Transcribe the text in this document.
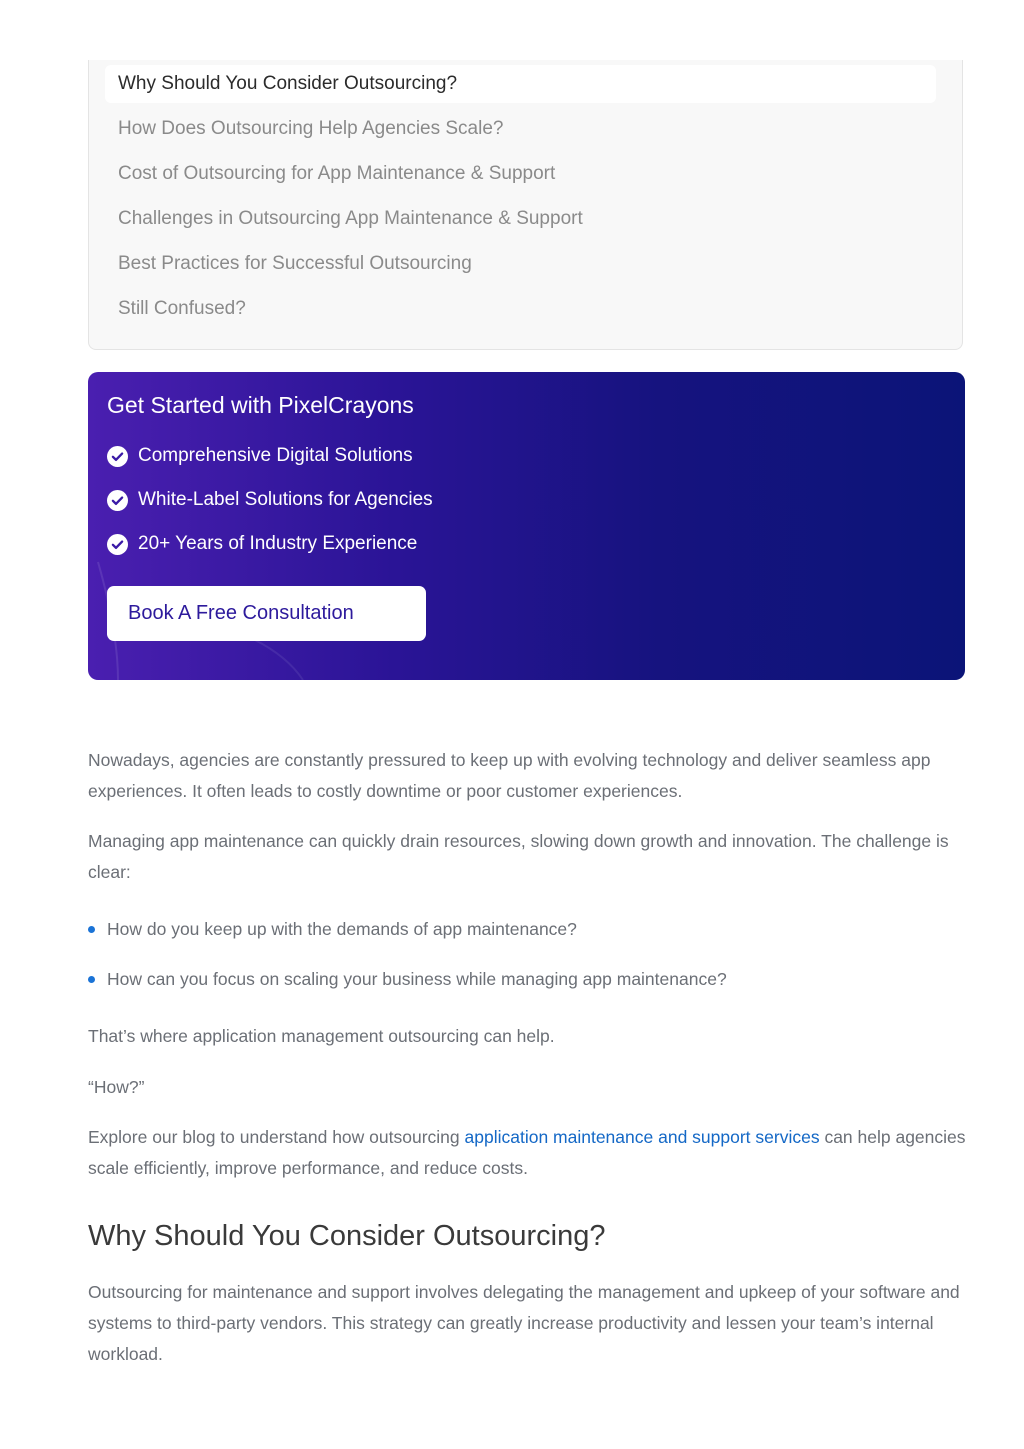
Why Should You Consider Outsourcing?
How Does Outsourcing Help Agencies Scale?
Cost of Outsourcing for App Maintenance & Support
Challenges in Outsourcing App Maintenance & Support
Best Practices for Successful Outsourcing
Still Confused?
Get Started with PixelCrayons
Comprehensive Digital Solutions
White-Label Solutions for Agencies
20+ Years of Industry Experience
Book A Free Consultation

Nowadays, agencies are constantly pressured to keep up with evolving technology and deliver seamless app experiences. It often leads to costly downtime or poor customer experiences.

Managing app maintenance can quickly drain resources, slowing down growth and innovation. The challenge is clear:

How do you keep up with the demands of app maintenance?
How can you focus on scaling your business while managing app maintenance?

That’s where application management outsourcing can help.

“How?”

Explore our blog to understand how outsourcing application maintenance and support services can help agencies scale efficiently, improve performance, and reduce costs.

Why Should You Consider Outsourcing?

Outsourcing for maintenance and support involves delegating the management and upkeep of your software and systems to third-party vendors. This strategy can greatly increase productivity and lessen your team’s internal workload.
